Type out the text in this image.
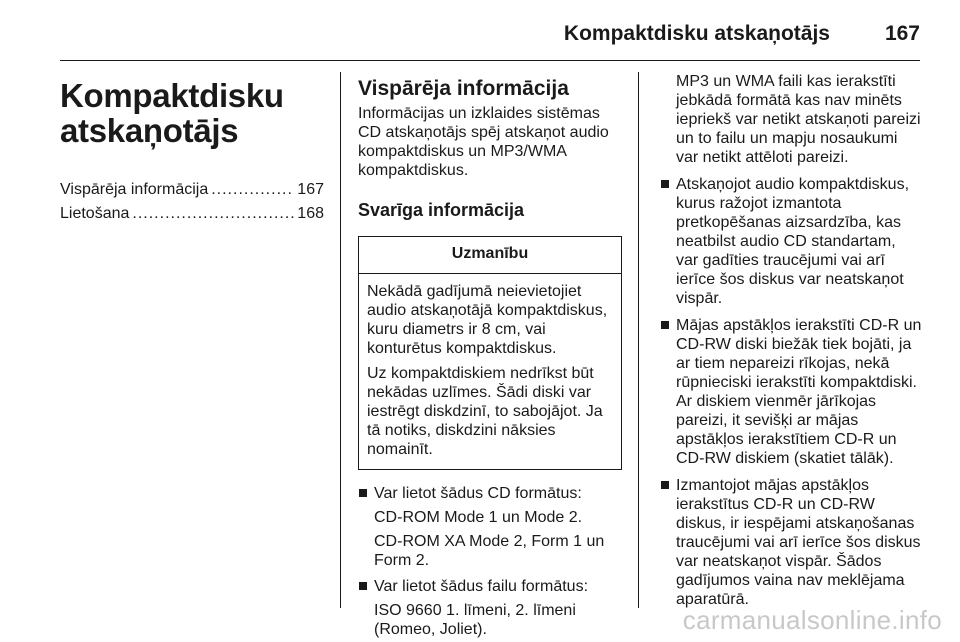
Kompaktdisku atskaņotājs	167
Kompaktdisku
atskaņotājs
Vispārēja informācija .....	167
Lietošana .....	168
Vispārēja informācija

Informācijas un izklaides sistēmas CD atskaņotājs spēj atskaņot audio kompaktdiskus un MP3/WMA kompaktdiskus.

Svarīga informācija
Uzmanību

Nekādā gadījumā neievietojiet audio atskaņotājā kompaktdiskus, kuru diametrs ir 8 cm, vai konturētus kompaktdiskus.

Uz kompaktdiskiem nedrīkst būt nekādas uzlīmes. Šādi diski var iestrēgt diskdzinī, to sabojājot. Ja tā notiks, diskdzini nāksies nomainīt.

Var lietot šādus CD formātus:

CD-ROM Mode 1 un Mode 2.

CD-ROM XA Mode 2, Form 1 un Form 2.

Var lietot šādus failu formātus:

ISO 9660 1. līmeni, 2. līmeni (Romeo, Joliet).

MP3 un WMA faili kas ierakstīti jebkādā formātā kas nav minēts iepriekš var netikt atskaņoti pareizi un to failu un mapju nosaukumi var netikt attēloti pareizi.

Atskaņojot audio kompaktdiskus, kurus ražojot izmantota pretkopēšanas aizsardzība, kas neatbilst audio CD standartam, var gadīties traucējumi vai arī ierīce šos diskus var neatskaņot vispār.

Mājas apstākļos ierakstīti CD-R un CD-RW diski biežāk tiek bojāti, ja ar tiem nepareizi rīkojas, nekā rūpnieciski ierakstīti kompaktdiski. Ar diskiem vienmēr jārīkojas pareizi, it sevišķi ar mājas apstākļos ierakstītiem CD-R un CD-RW diskiem (skatiet tālāk).

Izmantojot mājas apstākļos ierakstītus CD-R un CD-RW diskus, ir iespējami atskaņošanas traucējumi vai arī ierīce šos diskus var neatskaņot vispār. Šādos gadījumos vaina nav meklējama aparatūrā.

carmanualsonline.info
